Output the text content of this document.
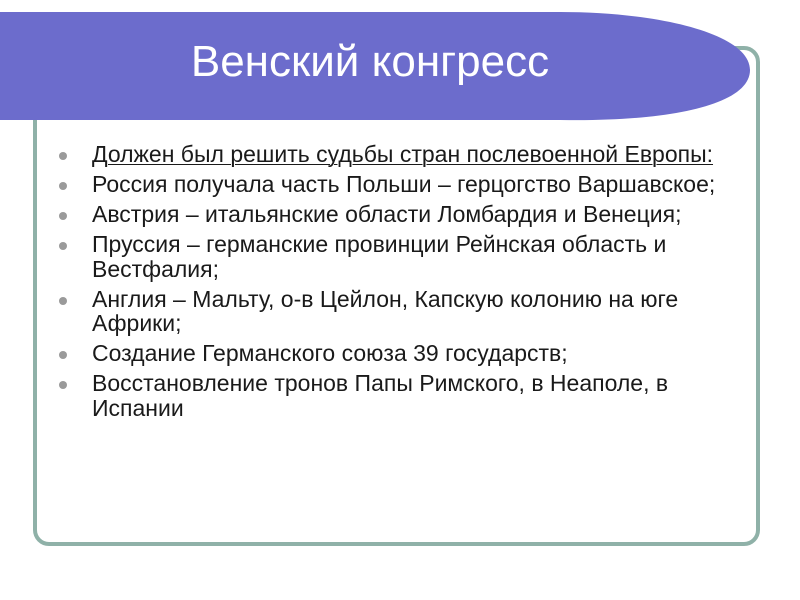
Венский конгресс
Должен был решить судьбы стран послевоенной Европы:
Россия получала часть Польши – герцогство Варшавское;
Австрия – итальянские области Ломбардия и Венеция;
Пруссия – германские провинции Рейнская область и Вестфалия;
Англия – Мальту, о-в Цейлон, Капскую колонию на юге Африки;
Создание Германского союза 39 государств;
Восстановление тронов Папы Римского, в Неаполе, в Испании
